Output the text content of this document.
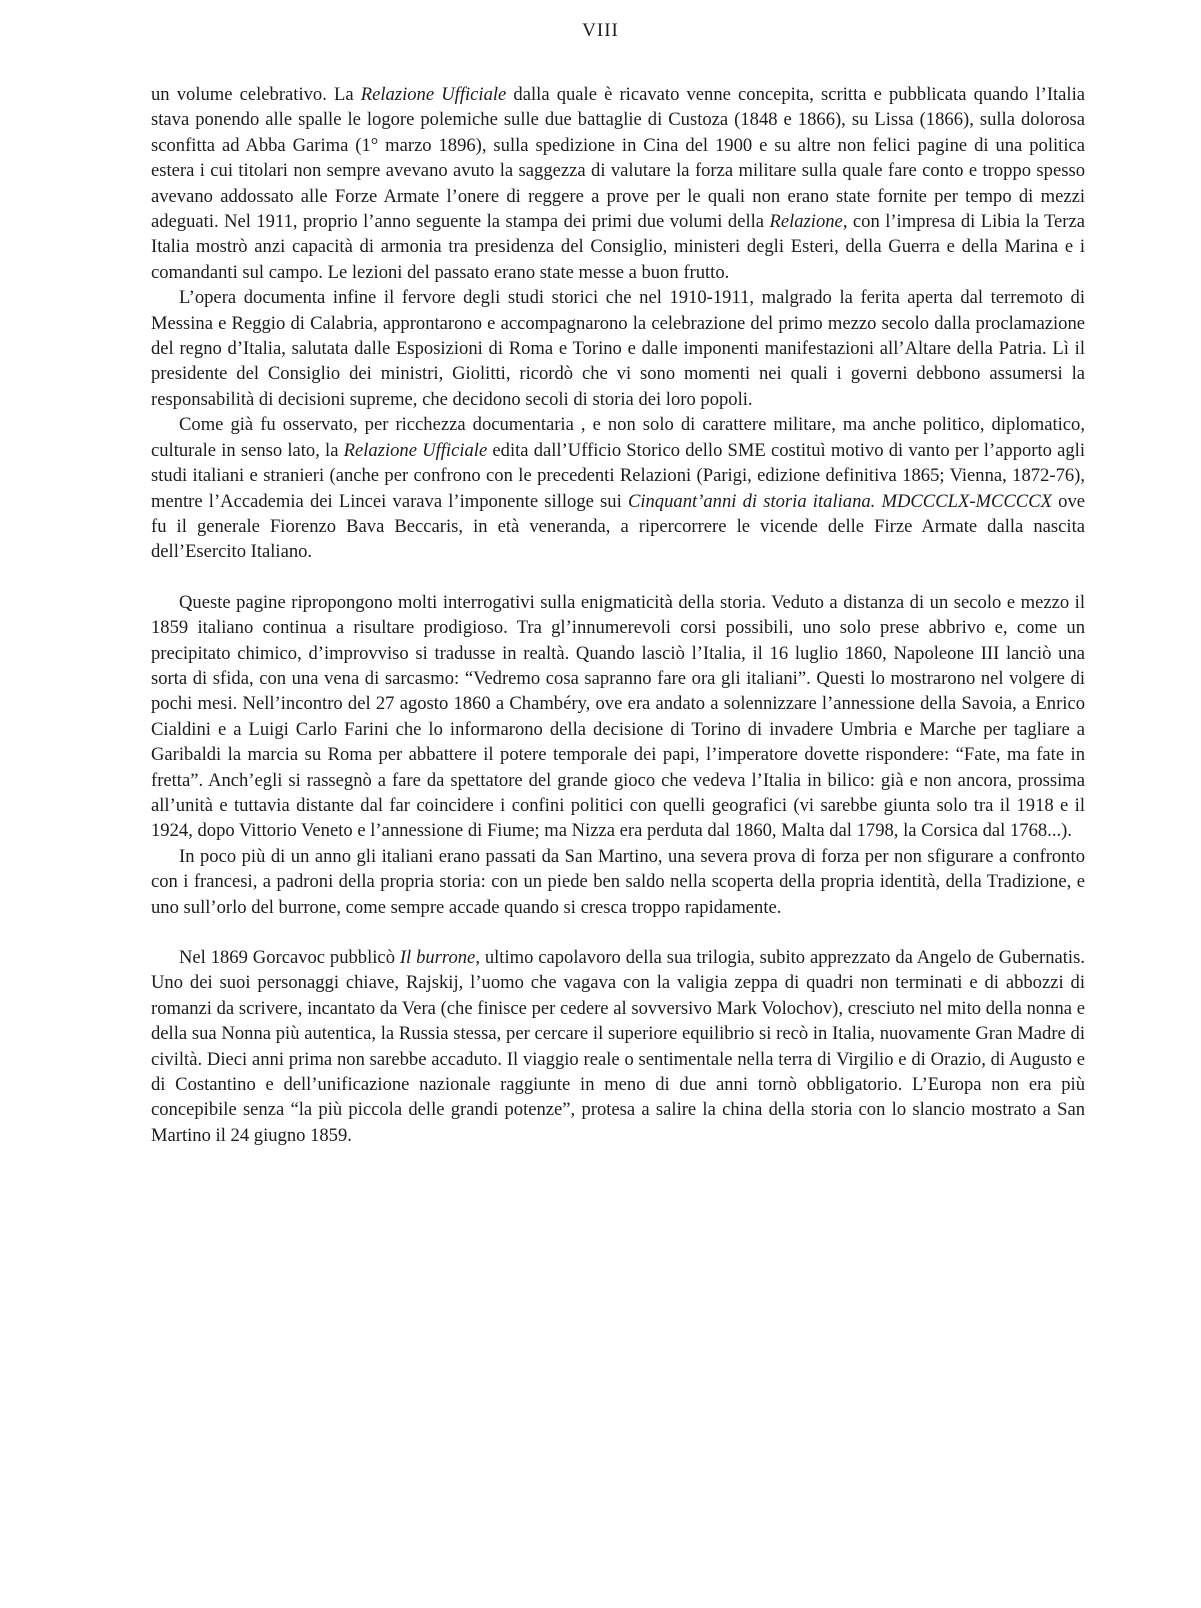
VIII

un volume celebrativo. La Relazione Ufficiale dalla quale è ricavato venne concepita, scritta e pubblicata quando l’Italia stava ponendo alle spalle le logore polemiche sulle due battaglie di Custoza (1848 e 1866), su Lissa (1866), sulla dolorosa sconfitta ad Abba Garima (1° marzo 1896), sulla spedizione in Cina del 1900 e su altre non felici pagine di una politica estera i cui titolari non sempre avevano avuto la saggezza di valutare la forza militare sulla quale fare conto e troppo spesso avevano addossato alle Forze Armate l’onere di reggere a prove per le quali non erano state fornite per tempo di mezzi adeguati. Nel 1911, proprio l’anno seguente la stampa dei primi due volumi della Relazione, con l’impresa di Libia la Terza Italia mostrò anzi capacità di armonia tra presidenza del Consiglio, ministeri degli Esteri, della Guerra e della Marina e i comandanti sul campo. Le lezioni del passato erano state messe a buon frutto.

L’opera documenta infine il fervore degli studi storici che nel 1910-1911, malgrado la ferita aperta dal terremoto di Messina e Reggio di Calabria, approntarono e accompagnarono la celebrazione del primo mezzo secolo dalla proclamazione del regno d’Italia, salutata dalle Esposizioni di Roma e Torino e dalle imponenti manifestazioni all’Altare della Patria. Lì il presidente del Consiglio dei ministri, Giolitti, ricordò che vi sono momenti nei quali i governi debbono assumersi la responsabilità di decisioni supreme, che decidono secoli di storia dei loro popoli.

Come già fu osservato, per ricchezza documentaria , e non solo di carattere militare, ma anche politico, diplomatico, culturale in senso lato, la Relazione Ufficiale edita dall’Ufficio Storico dello SME costituì motivo di vanto per l’apporto agli studi italiani e stranieri (anche per confrono con le precedenti Relazioni (Parigi, edizione definitiva 1865; Vienna, 1872-76), mentre l’Accademia dei Lincei varava l’imponente silloge sui Cinquant’anni di storia italiana. MDCCCLX-MCCCCX ove fu il generale Fiorenzo Bava Beccaris, in età veneranda, a ripercorrere le vicende delle Firze Armate dalla nascita dell’Esercito Italiano.

Queste pagine ripropongono molti interrogativi sulla enigmaticità della storia. Veduto a distanza di un secolo e mezzo il 1859 italiano continua a risultare prodigioso. Tra gl’innumerevoli corsi possibili, uno solo prese abbrivo e, come un precipitato chimico, d’improvviso si tradusse in realtà. Quando lasciò l’Italia, il 16 luglio 1860, Napoleone III lanciò una sorta di sfida, con una vena di sarcasmo: “Vedremo cosa sapranno fare ora gli italiani”. Questi lo mostrarono nel volgere di pochi mesi. Nell’incontro del 27 agosto 1860 a Chambéry, ove era andato a solennizzare l’annessione della Savoia, a Enrico Cialdini e a Luigi Carlo Farini che lo informarono della decisione di Torino di invadere Umbria e Marche per tagliare a Garibaldi la marcia su Roma per abbattere il potere temporale dei papi, l’imperatore dovette rispondere: “Fate, ma fate in fretta”. Anch’egli si rassegnò a fare da spettatore del grande gioco che vedeva l’Italia in bilico: già e non ancora, prossima all’unità e tuttavia distante dal far coincidere i confini politici con quelli geografici (vi sarebbe giunta solo tra il 1918 e il 1924, dopo Vittorio Veneto e l’annessione di Fiume; ma Nizza era perduta dal 1860, Malta dal 1798, la Corsica dal 1768...).

In poco più di un anno gli italiani erano passati da San Martino, una severa prova di forza per non sfigurare a confronto con i francesi, a padroni della propria storia: con un piede ben saldo nella scoperta della propria identità, della Tradizione, e uno sull’orlo del burrone, come sempre accade quando si cresca troppo rapidamente.

Nel 1869 Gorcavoc pubblicò Il burrone, ultimo capolavoro della sua trilogia, subito apprezzato da Angelo de Gubernatis. Uno dei suoi personaggi chiave, Rajskij, l’uomo che vagava con la valigia zeppa di quadri non terminati e di abbozzi di romanzi da scrivere, incantato da Vera (che finisce per cedere al sovversivo Mark Volochov), cresciuto nel mito della nonna e della sua Nonna più autentica, la Russia stessa, per cercare il superiore equilibrio si recò in Italia, nuovamente Gran Madre di civiltà. Dieci anni prima non sarebbe accaduto. Il viaggio reale o sentimentale nella terra di Virgilio e di Orazio, di Augusto e di Costantino e dell’unificazione nazionale raggiunte in meno di due anni tornò obbligatorio. L’Europa non era più concepibile senza “la più piccola delle grandi potenze”, protesa a salire la china della storia con lo slancio mostrato a San Martino il 24 giugno 1859.
